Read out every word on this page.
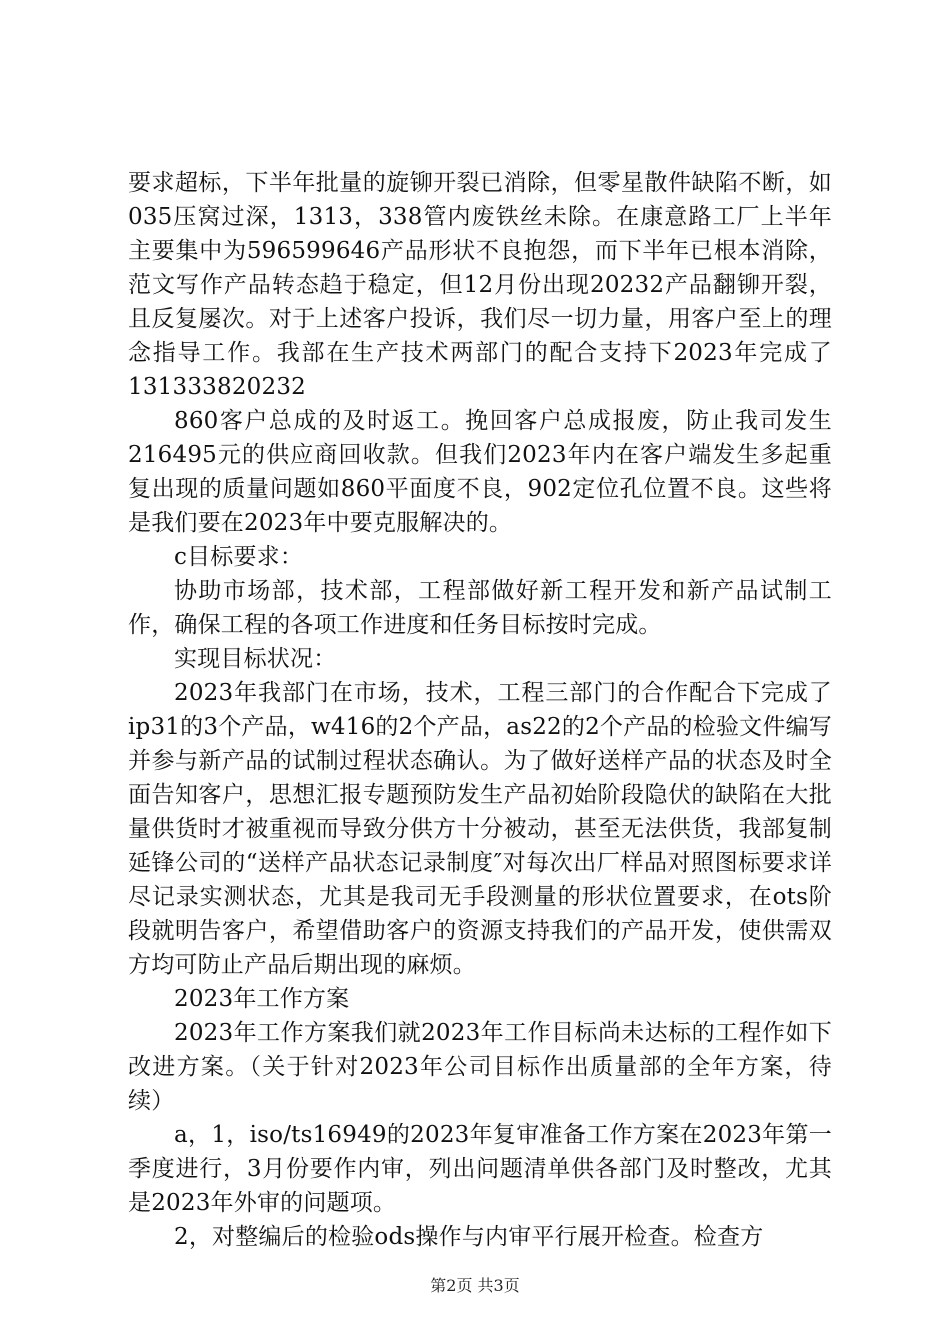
要求超标，下半年批量的旋铆开裂已消除，但零星散件缺陷不断，如035压窝过深，1313，338管内废铁丝未除。在康意路工厂上半年主要集中为596599646产品形状不良抱怨，而下半年已根本消除，范文写作产品转态趋于稳定，但12月份出现20232产品翻铆开裂，且反复屡次。对于上述客户投诉，我们尽一切力量，用客户至上的理念指导工作。我部在生产技术两部门的配合支持下2023年完成了131333820232

860客户总成的及时返工。挽回客户总成报废，防止我司发生216495元的供应商回收款。但我们2023年内在客户端发生多起重复出现的质量问题如860平面度不良，902定位孔位置不良。这些将是我们要在2023年中要克服解决的。

c目标要求：

协助市场部，技术部，工程部做好新工程开发和新产品试制工作，确保工程的各项工作进度和任务目标按时完成。

实现目标状况：

2023年我部门在市场，技术，工程三部门的合作配合下完成了ip31的3个产品，w416的2个产品，as22的2个产品的检验文件编写并参与新产品的试制过程状态确认。为了做好送样产品的状态及时全面告知客户，思想汇报专题预防发生产品初始阶段隐伏的缺陷在大批量供货时才被重视而导致分供方十分被动，甚至无法供货，我部复制延锋公司的“送样产品状态记录制度″对每次出厂样品对照图标要求详尽记录实测状态，尤其是我司无手段测量的形状位置要求，在ots阶段就明告客户，希望借助客户的资源支持我们的产品开发，使供需双方均可防止产品后期出现的麻烦。

2023年工作方案

2023年工作方案我们就2023年工作目标尚未达标的工程作如下改进方案。（关于针对2023年公司目标作出质量部的全年方案，待续）

a，1，iso/ts16949的2023年复审准备工作方案在2023年第一季度进行，3月份要作内审，列出问题清单供各部门及时整改，尤其是2023年外审的问题项。

2，对整编后的检验ods操作与内审平行展开检查。检查方

第2页 共3页
